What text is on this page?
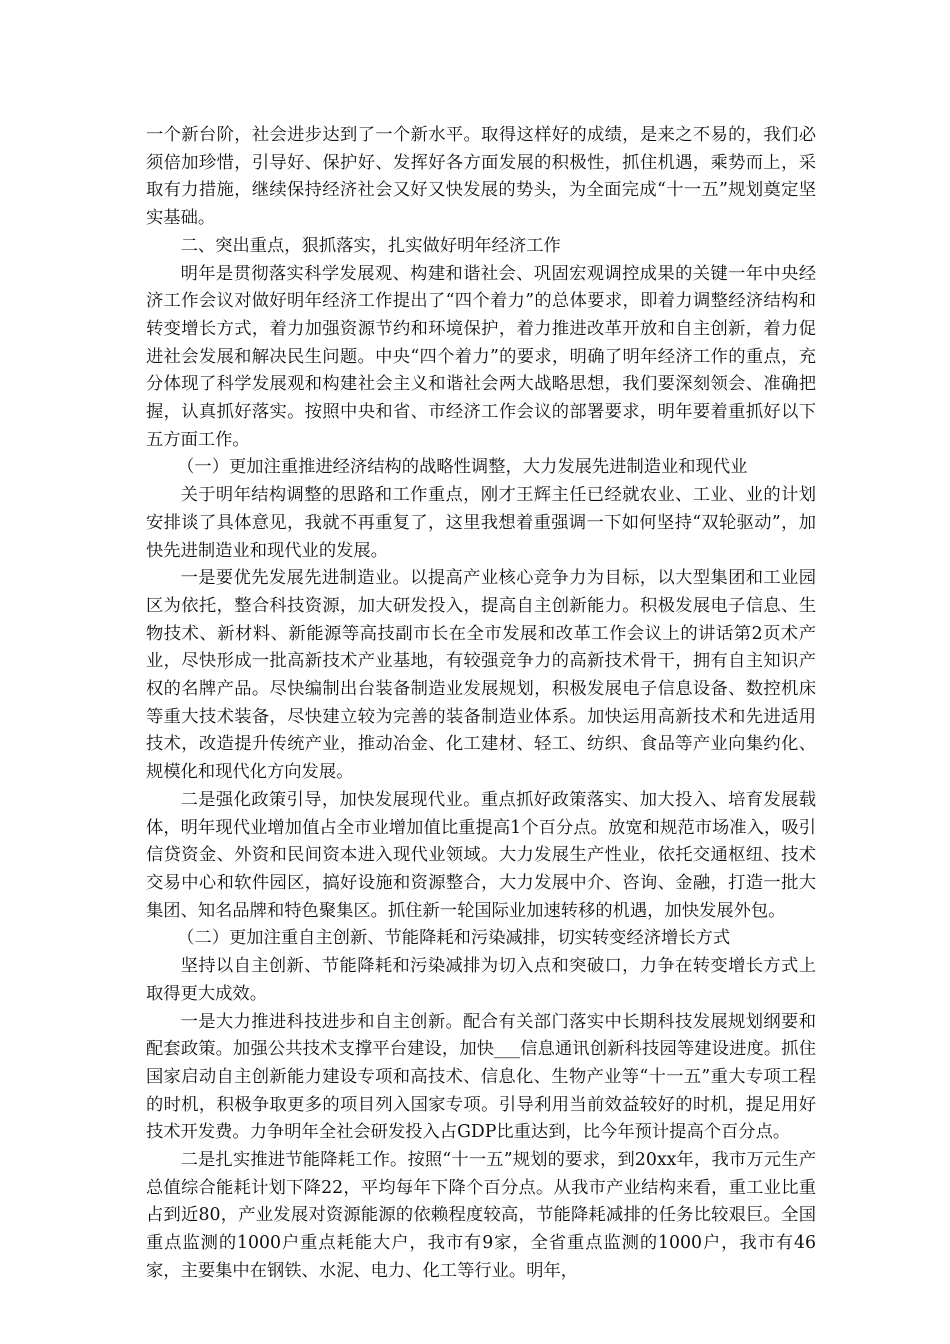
一个新台阶，社会进步达到了一个新水平。取得这样好的成绩，是来之不易的，我们必须倍加珍惜，引导好、保护好、发挥好各方面发展的积极性，抓住机遇，乘势而上，采取有力措施，继续保持经济社会又好又快发展的势头，为全面完成“十一五”规划奠定坚实基础。

二、突出重点，狠抓落实，扎实做好明年经济工作

明年是贯彻落实科学发展观、构建和谐社会、巩固宏观调控成果的关键一年中央经济工作会议对做好明年经济工作提出了“四个着力”的总体要求，即着力调整经济结构和转变增长方式，着力加强资源节约和环境保护，着力推进改革开放和自主创新，着力促进社会发展和解决民生问题。中央“四个着力”的要求，明确了明年经济工作的重点，充分体现了科学发展观和构建社会主义和谐社会两大战略思想，我们要深刻领会、准确把握，认真抓好落实。按照中央和省、市经济工作会议的部署要求，明年要着重抓好以下五方面工作。

（一）更加注重推进经济结构的战略性调整，大力发展先进制造业和现代业

关于明年结构调整的思路和工作重点，刚才王辉主任已经就农业、工业、业的计划安排谈了具体意见，我就不再重复了，这里我想着重强调一下如何坚持“双轮驱动”，加快先进制造业和现代业的发展。

一是要优先发展先进制造业。以提高产业核心竞争力为目标，以大型集团和工业园区为依托，整合科技资源，加大研发投入，提高自主创新能力。积极发展电子信息、生物技术、新材料、新能源等高技副市长在全市发展和改革工作会议上的讲话第2页术产业，尽快形成一批高新技术产业基地，有较强竞争力的高新技术骨干，拥有自主知识产权的名牌产品。尽快编制出台装备制造业发展规划，积极发展电子信息设备、数控机床等重大技术装备，尽快建立较为完善的装备制造业体系。加快运用高新技术和先进适用技术，改造提升传统产业，推动冶金、化工建材、轻工、纺织、食品等产业向集约化、规模化和现代化方向发展。

二是强化政策引导，加快发展现代业。重点抓好政策落实、加大投入、培育发展载体，明年现代业增加值占全市业增加值比重提高1个百分点。放宽和规范市场准入，吸引信贷资金、外资和民间资本进入现代业领域。大力发展生产性业，依托交通枢纽、技术交易中心和软件园区，搞好设施和资源整合，大力发展中介、咨询、金融，打造一批大集团、知名品牌和特色聚集区。抓住新一轮国际业加速转移的机遇，加快发展外包。

（二）更加注重自主创新、节能降耗和污染减排，切实转变经济增长方式

坚持以自主创新、节能降耗和污染减排为切入点和突破口，力争在转变增长方式上取得更大成效。

一是大力推进科技进步和自主创新。配合有关部门落实中长期科技发展规划纲要和配套政策。加强公共技术支撑平台建设，加快___信息通讯创新科技园等建设进度。抓住国家启动自主创新能力建设专项和高技术、信息化、生物产业等“十一五”重大专项工程的时机，积极争取更多的项目列入国家专项。引导利用当前效益较好的时机，提足用好技术开发费。力争明年全社会研发投入占GDP比重达到，比今年预计提高个百分点。

二是扎实推进节能降耗工作。按照“十一五”规划的要求，到20xx年，我市万元生产总值综合能耗计划下降22，平均每年下降个百分点。从我市产业结构来看，重工业比重占到近80，产业发展对资源能源的依赖程度较高，节能降耗减排的任务比较艰巨。全国重点监测的1000户重点耗能大户，我市有9家，全省重点监测的1000户，我市有46家，主要集中在钢铁、水泥、电力、化工等行业。明年，
